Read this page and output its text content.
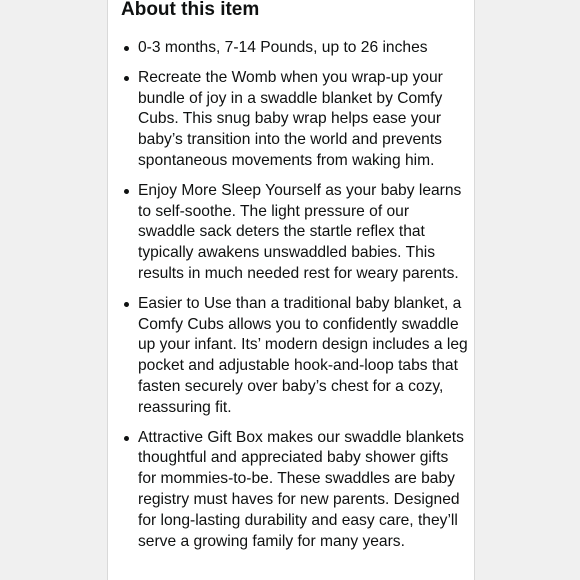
About this item
0-3 months, 7-14 Pounds, up to 26 inches
Recreate the Womb when you wrap-up your bundle of joy in a swaddle blanket by Comfy Cubs. This snug baby wrap helps ease your baby’s transition into the world and prevents spontaneous movements from waking him.
Enjoy More Sleep Yourself as your baby learns to self-soothe. The light pressure of our swaddle sack deters the startle reflex that typically awakens unswaddled babies. This results in much needed rest for weary parents.
Easier to Use than a traditional baby blanket, a Comfy Cubs allows you to confidently swaddle up your infant. Its’ modern design includes a leg pocket and adjustable hook-and-loop tabs that fasten securely over baby’s chest for a cozy, reassuring fit.
Attractive Gift Box makes our swaddle blankets thoughtful and appreciated baby shower gifts for mommies-to-be. These swaddles are baby registry must haves for new parents. Designed for long-lasting durability and easy care, they’ll serve a growing family for many years.
